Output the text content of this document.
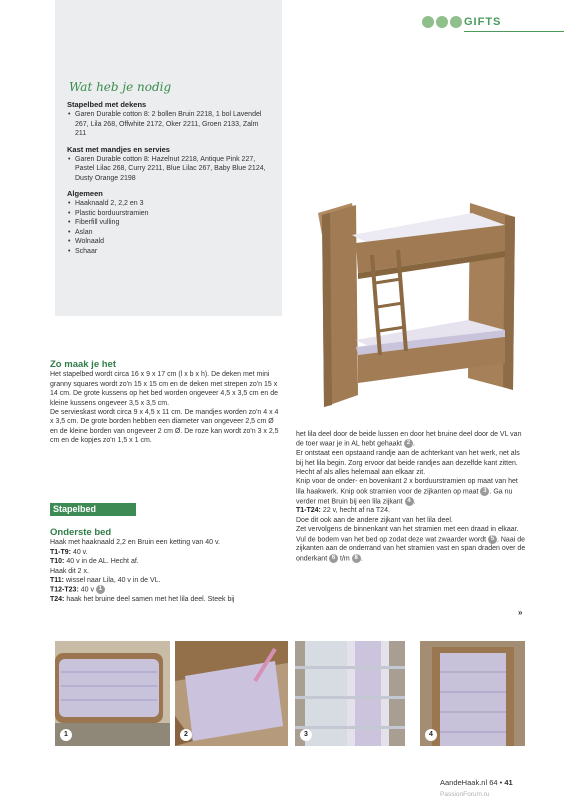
GIFTS
Wat heb je nodig
Stapelbed met dekens
• Garen Durable cotton 8: 2 bollen Bruin 2218, 1 bol Lavendel 267, Lila 268, Offwhite 2172, Oker 2211, Groen 2133, Zalm 211
Kast met mandjes en servies
• Garen Durable cotton 8: Hazelnut 2218, Antique Pink 227, Pastel Lilac 268, Curry 2211, Blue Lilac 267, Baby Blue 2124, Dusty Orange 2198
Algemeen
• Haaknaald 2, 2,2 en 3
• Plastic borduurstramien
• Fiberfill vulling
• Aslan
• Wolnaald
• Schaar

Zo maak je het

Het stapelbed wordt circa 16 x 9 x 17 cm (l x b x h). De deken met mini granny squares wordt zo'n 15 x 15 cm en de deken met strepen zo'n 15 x 14 cm. De grote kussens op het bed worden ongeveer 4,5 x 3,5 cm en de kleine kussens ongeveer 3,5 x 3,5 cm.

De servieskast wordt circa 9 x 4,5 x 11 cm. De mandjes worden zo'n 4 x 4 x 3,5 cm. De grote borden hebben een diameter van ongeveer 2,5 cm Ø en de kleine borden van ongeveer 2 cm Ø. De roze kan wordt zo'n 3 x 2,5 cm en de kopjes zo'n 1,5 x 1 cm.

Stapelbed

Onderste bed

Haak met haaknaald 2,2 en Bruin een ketting van 40 v.

T1-T9: 40 v.

T10: 40 v in de AL. Hecht af.

Haak dit 2 x.

T11: wissel naar Lila, 40 v in de VL.

T12-T23: 40 v 1

T24: haak het bruine deel samen met het lila deel. Steek bij

het lila deel door de beide lussen en door het bruine deel door de VL van de toer waar je in AL hebt gehaakt 2 .

Er ontstaat een opstaand randje aan de achterkant van het werk, net als bij het lila begin. Zorg ervoor dat beide randjes aan dezelfde kant zitten. Hecht af als alles helemaal aan elkaar zit.

Knip voor de onder- en bovenkant 2 x borduurstramien op maat van het lila haakwerk. Knip ook stramien voor de zijkanten op maat 3 . Ga nu verder met Bruin bij een lila zijkant 4 .

T1-T24: 22 v, hecht af na T24.

Doe dit ook aan de andere zijkant van het lila deel.

Zet vervolgens de binnenkant van het stramien met een draad in elkaar. Vul de bodem van het bed op zodat deze wat zwaarder wordt 5 . Naai de zijkanten aan de onderrand van het stramien vast en span draden over de onderkant 6 t/m 8 .

»
1	2	3	4
AandeHaak.nl 64 • 41
PassionForum.ru
